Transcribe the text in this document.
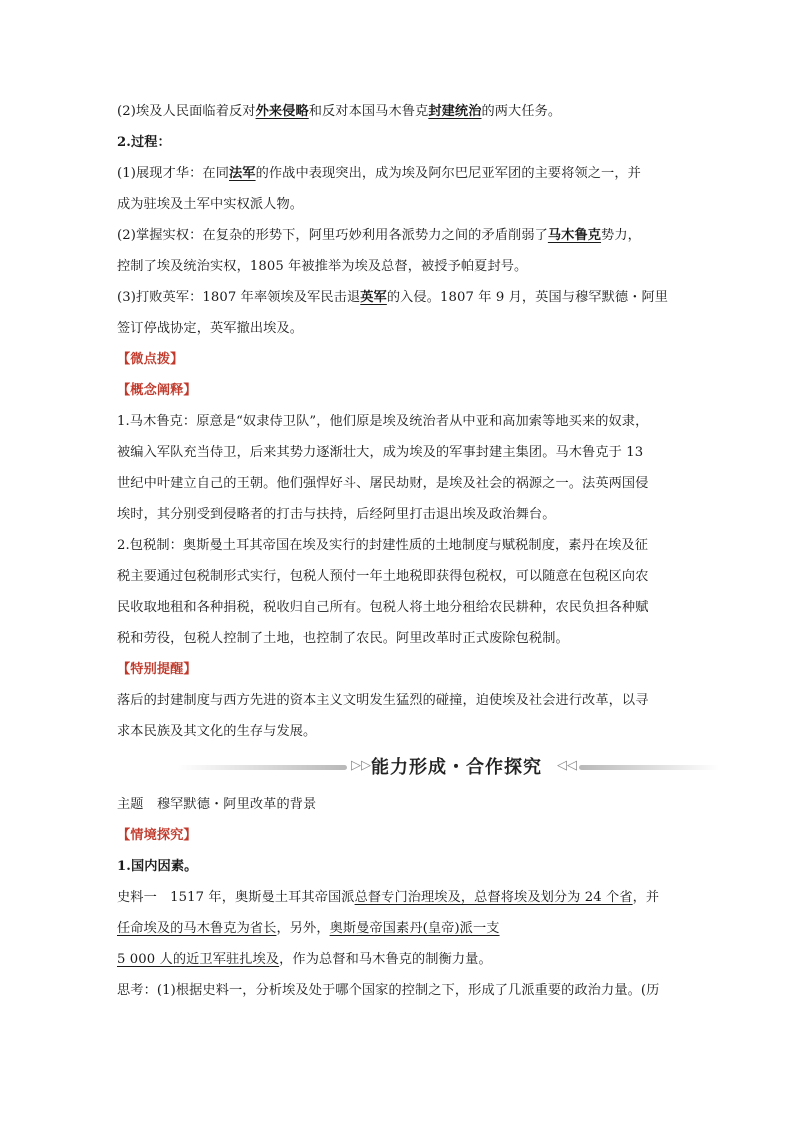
(2)埃及人民面临着反对外来侵略和反对本国马木鲁克封建统治的两大任务。

2.过程：

(1)展现才华：在同法军的作战中表现突出，成为埃及阿尔巴尼亚军团的主要将领之一，并

成为驻埃及土军中实权派人物。

(2)掌握实权：在复杂的形势下，阿里巧妙利用各派势力之间的矛盾削弱了马木鲁克势力，

控制了埃及统治实权，1805 年被推举为埃及总督，被授予帕夏封号。

(3)打败英军：1807 年率领埃及军民击退英军的入侵。1807 年 9 月，英国与穆罕默德・阿里

签订停战协定，英军撤出埃及。

【微点拨】

【概念阐释】

1.马木鲁克：原意是“奴隶侍卫队”，他们原是埃及统治者从中亚和高加索等地买来的奴隶，

被编入军队充当侍卫，后来其势力逐渐壮大，成为埃及的军事封建主集团。马木鲁克于 13

世纪中叶建立自己的王朝。他们强悍好斗、屠民劫财，是埃及社会的祸源之一。法英两国侵

埃时，其分别受到侵略者的打击与扶持，后经阿里打击退出埃及政治舞台。

2.包税制：奥斯曼土耳其帝国在埃及实行的封建性质的土地制度与赋税制度，素丹在埃及征

税主要通过包税制形式实行，包税人预付一年土地税即获得包税权，可以随意在包税区向农

民收取地租和各种捐税，税收归自己所有。包税人将土地分租给农民耕种，农民负担各种赋

税和劳役，包税人控制了土地，也控制了农民。阿里改革时正式废除包税制。

【特别提醒】

落后的封建制度与西方先进的资本主义文明发生猛烈的碰撞，迫使埃及社会进行改革，以寻

求本民族及其文化的生存与发展。

▷▷ 能力形成・合作探究 ◁◁

主题　穆罕默德・阿里改革的背景

【情境探究】

1.国内因素。

史料一　1517 年，奥斯曼土耳其帝国派总督专门治理埃及，总督将埃及划分为 24 个省，并

任命埃及的马木鲁克为省长，另外，奥斯曼帝国素丹(皇帝)派一支

5 000 人的近卫军驻扎埃及，作为总督和马木鲁克的制衡力量。

思考：(1)根据史料一，分析埃及处于哪个国家的控制之下，形成了几派重要的政治力量。(历
